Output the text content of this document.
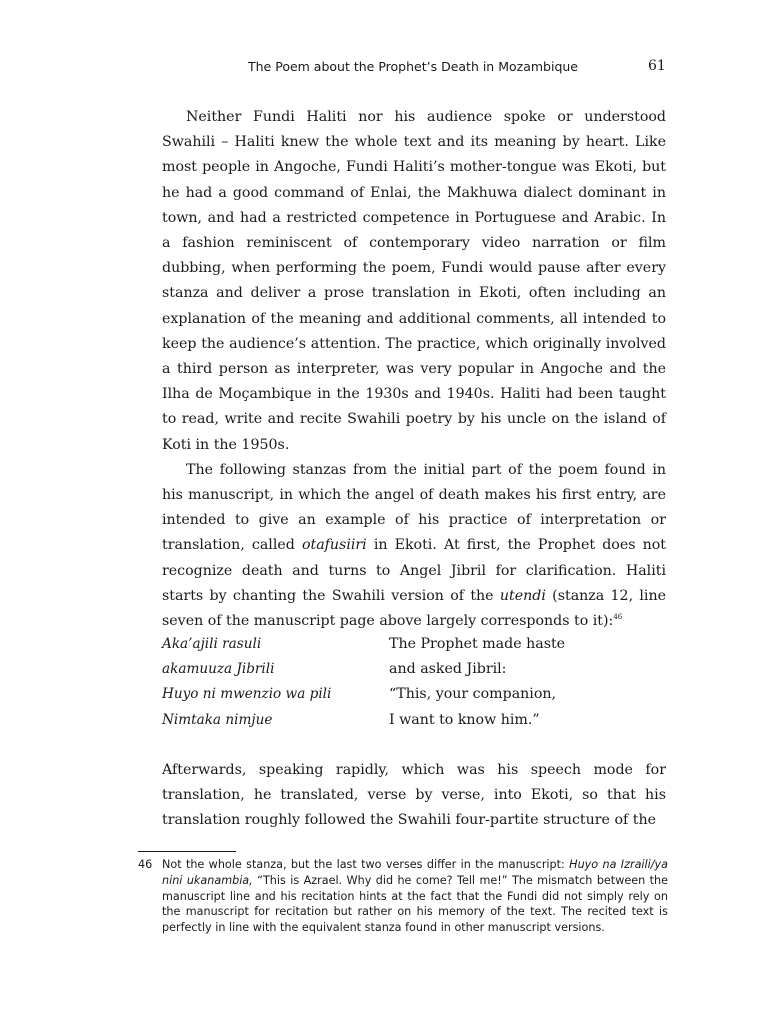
The Poem about the Prophet’s Death in Mozambique	61

Neither Fundi Haliti nor his audience spoke or understood Swahili – Haliti knew the whole text and its meaning by heart. Like most people in Angoche, Fundi Haliti’s mother-tongue was Ekoti, but he had a good command of Enlai, the Makhuwa dialect dominant in town, and had a restricted competence in Portuguese and Arabic. In a fashion reminiscent of contemporary video narration or film dubbing, when performing the poem, Fundi would pause after every stanza and deliver a prose translation in Ekoti, often including an explanation of the meaning and additional comments, all intended to keep the audience’s attention. The practice, which originally involved a third person as interpreter, was very popular in Angoche and the Ilha de Moçambique in the 1930s and 1940s. Haliti had been taught to read, write and recite Swahili poetry by his uncle on the island of Koti in the 1950s.

The following stanzas from the initial part of the poem found in his manuscript, in which the angel of death makes his first entry, are intended to give an example of his practice of interpretation or translation, called otafusiiri in Ekoti. At first, the Prophet does not recognize death and turns to Angel Jibril for clarification. Haliti starts by chanting the Swahili version of the utendi (stanza 12, line seven of the manuscript page above largely corresponds to it):$^{46}$

Aka’ajili rasuli	The Prophet made haste
akamuuza Jibrili	and asked Jibril:
Huyo ni mwenzio wa pili	“This, your companion,
Nimtaka nimjue	I want to know him.”

Afterwards, speaking rapidly, which was his speech mode for translation, he translated, verse by verse, into Ekoti, so that his translation roughly followed the Swahili four-partite structure of the

46 Not the whole stanza, but the last two verses differ in the manuscript: Huyo na Izraili/ya nini ukanambia, “This is Azrael. Why did he come? Tell me!” The mismatch between the manuscript line and his recitation hints at the fact that the Fundi did not simply rely on the manuscript for recitation but rather on his memory of the text. The recited text is perfectly in line with the equivalent stanza found in other manuscript versions.
